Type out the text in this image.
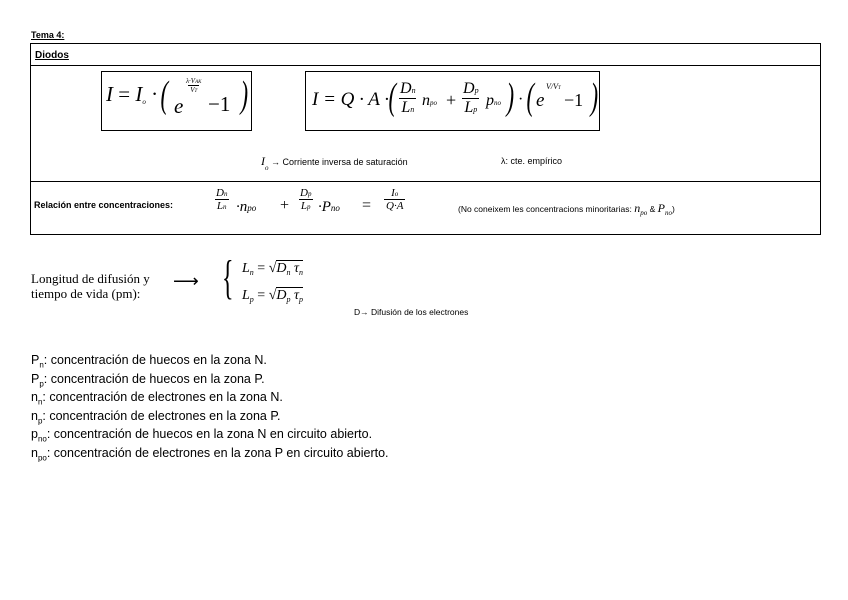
Tema 4:
Diodos
$I = I_o$ · ( e
λ·VAK
VT
−1 )	I = Q · A · ( $\frac{Dn}{Ln}$ npo + $\frac{Dp}{Lp}$ pno ) · ( e
V/VT
−1 )
$I_o$ → Corriente inversa de saturación	λ: cte. empírico
Relación entre concentraciones:	$\frac{Dn}{Ln} \cdot npo + \frac{Dp}{Lp} \cdot Pno = \frac{Io}{Q\cdot A}$	(No coneixem les concentracions minoritarias: $n_{po}$ & $P_{no}$)
Longitud de difusión y
tiempo de vida (pm):
⟶ { $L_n = √D_n$ $\tau_n$
$L_p = √D_p$ $\tau_p$
D→ Difusión de los electrones
$P_n$: concentración de huecos en la zona N.
$P_p$: concentración de huecos en la zona P.
$n_n$: concentración de electrones en la zona N.
$n_p$: concentración de electrones en la zona P.
$p_{no}$: concentración de huecos en la zona N en circuito abierto.
$n_{po}$: concentración de electrones en la zona P en circuito abierto.
